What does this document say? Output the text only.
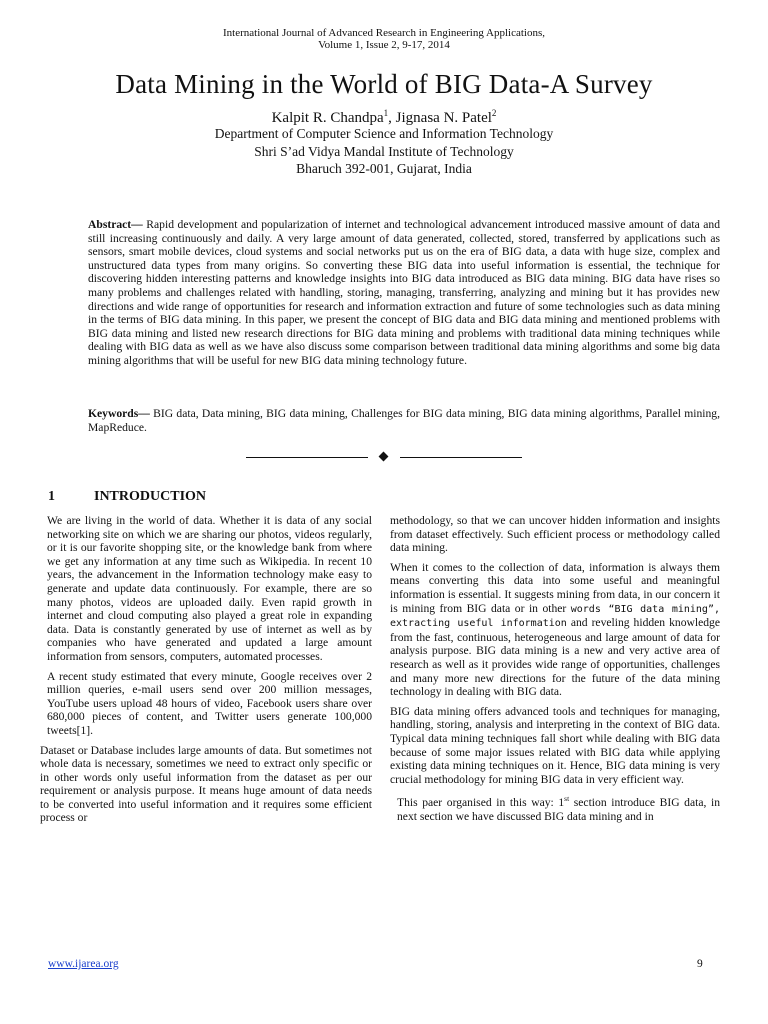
International Journal of Advanced Research in Engineering Applications,
Volume 1, Issue 2, 9-17, 2014
Data Mining in the World of BIG Data-A Survey
Kalpit R. Chandpa$^1$, Jignasa N. Patel$^2$
Department of Computer Science and Information Technology
Shri S’ad Vidya Mandal Institute of Technology
Bharuch 392-001, Gujarat, India
Abstract— Rapid development and popularization of internet and technological advancement introduced massive amount of data and still increasing continuously and daily. A very large amount of data generated, collected, stored, transferred by applications such as sensors, smart mobile devices, cloud systems and social networks put us on the era of BIG data, a data with huge size, complex and unstructured data types from many origins. So converting these BIG data into useful information is essential, the technique for discovering hidden interesting patterns and knowledge insights into BIG data introduced as BIG data mining. BIG data have rises so many problems and challenges related with handling, storing, managing, transferring, analyzing and mining but it has provides new directions and wide range of opportunities for research and information extraction and future of some technologies such as data mining in the terms of BIG data mining. In this paper, we present the concept of BIG data and BIG data mining and mentioned problems with BIG data mining and listed new research directions for BIG data mining and problems with traditional data mining techniques while dealing with BIG data as well as we have also discuss some comparison between traditional data mining algorithms and some big data mining algorithms that will be useful for new BIG data mining technology future.
Keywords— BIG data, Data mining, BIG data mining, Challenges for BIG data mining, BIG data mining algorithms, Parallel mining, MapReduce.
1	INTRODUCTION

We are living in the world of data. Whether it is data of any social networking site on which we are sharing our photos, videos regularly, or it is our favorite shopping site, or the knowledge bank from where we get any information at any time such as Wikipedia. In recent 10 years, the advancement in the Information technology make easy to generate and update data continuously. For example, there are so many photos, videos are uploaded daily. Even rapid growth in internet and cloud computing also played a great role in expanding data. Data is constantly generated by use of internet as well as by companies who have generated and updated a large amount information from sensors, computers, automated processes.

A recent study estimated that every minute, Google receives over 2 million queries, e-mail users send over 200 million messages, YouTube users upload 48 hours of video, Facebook users share over 680,000 pieces of content, and Twitter users generate 100,000 tweets[1].

Dataset or Database includes large amounts of data. But sometimes not whole data is necessary, sometimes we need to extract only specific or in other words only useful information from the dataset as per our requirement or analysis purpose. It means huge amount of data needs to be converted into useful information and it requires some efficient process or

methodology, so that we can uncover hidden information and insights from dataset effectively. Such efficient process or methodology called data mining.

When it comes to the collection of data, information is always them means converting this data into some useful and meaningful information is essential. It suggests mining from data, in our concern it is mining from BIG data or in other words “BIG data mining”, extracting useful information and reveling hidden knowledge from the fast, continuous, heterogeneous and large amount of data for analysis purpose. BIG data mining is a new and very active area of research as well as it provides wide range of opportunities, challenges and many more new directions for the future of the data mining technology in dealing with BIG data.

BIG data mining offers advanced tools and techniques for managing, handling, storing, analysis and interpreting in the context of BIG data. Typical data mining techniques fall short while dealing with BIG data because of some major issues related with BIG data while applying existing data mining techniques on it. Hence, BIG data mining is very crucial methodology for mining BIG data in very efficient way.

This paer organised in this way: 1st section introduce BIG data, in next section we have discussed BIG data mining and in

www.ijarea.org	9
